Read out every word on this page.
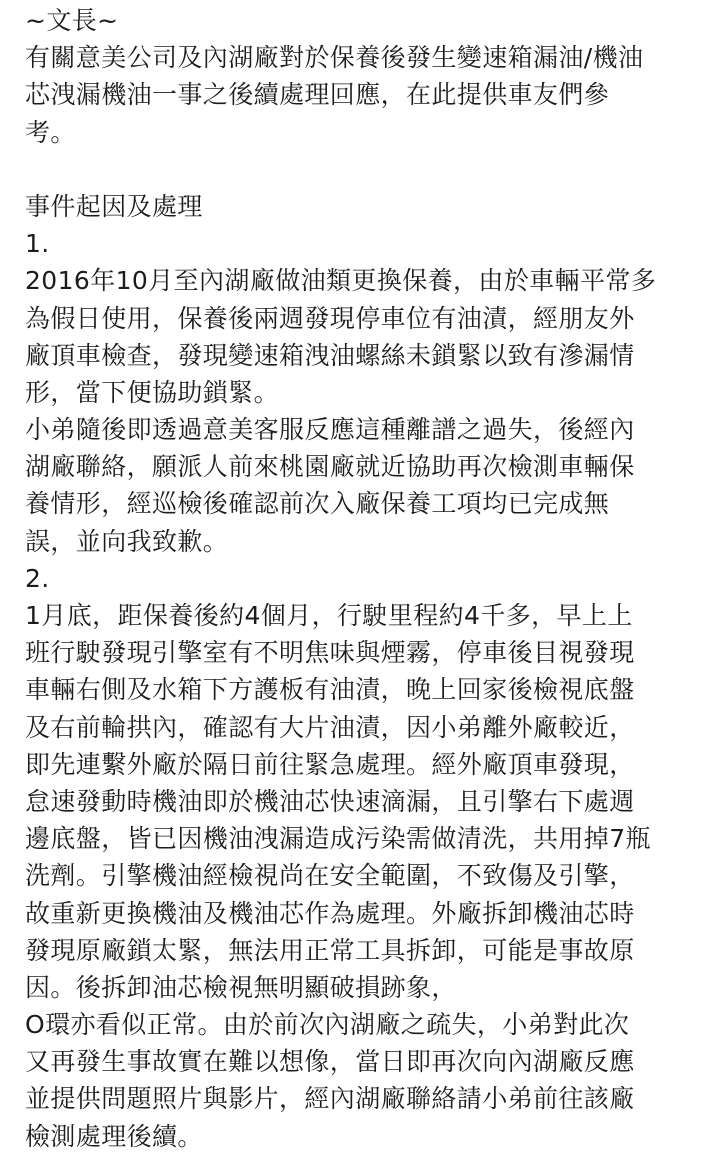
~文長~
有關意美公司及內湖廠對於保養後發生變速箱漏油/機油
芯洩漏機油一事之後續處理回應，在此提供車友們參
考。
事件起因及處理
1.
2016年10月至內湖廠做油類更換保養，由於車輛平常多
為假日使用，保養後兩週發現停車位有油漬，經朋友外
廠頂車檢查，發現變速箱洩油螺絲未鎖緊以致有滲漏情
形，當下便協助鎖緊。
小弟隨後即透過意美客服反應這種離譜之過失，後經內
湖廠聯絡，願派人前來桃園廠就近協助再次檢測車輛保
養情形，經巡檢後確認前次入廠保養工項均已完成無
誤，並向我致歉。
2.
1月底，距保養後約4個月，行駛里程約4千多，早上上
班行駛發現引擎室有不明焦味與煙霧，停車後目視發現
車輛右側及水箱下方護板有油漬，晚上回家後檢視底盤
及右前輪拱內，確認有大片油漬，因小弟離外廠較近，
即先連繫外廠於隔日前往緊急處理。經外廠頂車發現，
怠速發動時機油即於機油芯快速滴漏，且引擎右下處週
邊底盤，皆已因機油洩漏造成污染需做清洗，共用掉7瓶
洗劑。引擎機油經檢視尚在安全範圍，不致傷及引擎，
故重新更換機油及機油芯作為處理。外廠拆卸機油芯時
發現原廠鎖太緊，無法用正常工具拆卸，可能是事故原
因。後拆卸油芯檢視無明顯破損跡象，
O環亦看似正常。由於前次內湖廠之疏失，小弟對此次
又再發生事故實在難以想像，當日即再次向內湖廠反應
並提供問題照片與影片，經內湖廠聯絡請小弟前往該廠
檢測處理後續。
